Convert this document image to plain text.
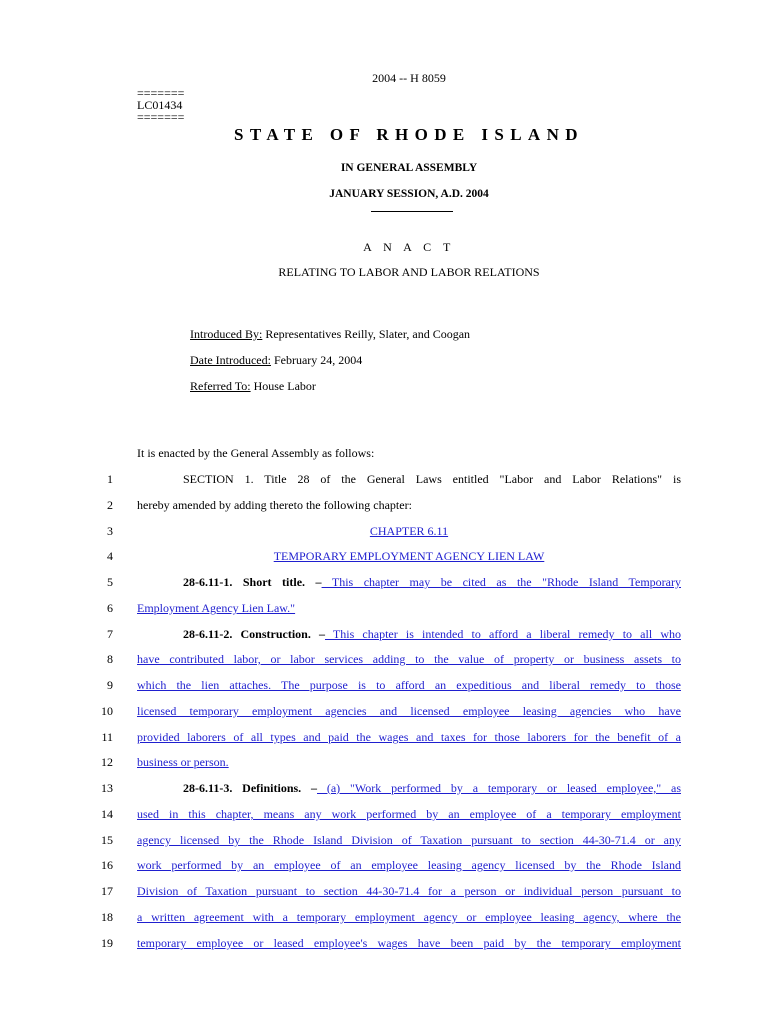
2004 -- H 8059
=======
LC01434
=======
STATE OF RHODE ISLAND
IN GENERAL ASSEMBLY
JANUARY SESSION, A.D. 2004
A N A C T
RELATING TO LABOR AND LABOR RELATIONS
Introduced By: Representatives Reilly, Slater, and Coogan
Date Introduced: February 24, 2004
Referred To: House Labor
It is enacted by the General Assembly as follows:
1	SECTION 1. Title 28 of the General Laws entitled "Labor and Labor Relations" is
2 hereby amended by adding thereto the following chapter:
3	CHAPTER 6.11
4	TEMPORARY EMPLOYMENT AGENCY LIEN LAW
5	28-6.11-1. Short title. – This chapter may be cited as the "Rhode Island Temporary
6 Employment Agency Lien Law."
7	28-6.11-2. Construction. – This chapter is intended to afford a liberal remedy to all who
8 have contributed labor, or labor services adding to the value of property or business assets to
9 which the lien attaches. The purpose is to afford an expeditious and liberal remedy to those
10 licensed temporary employment agencies and licensed employee leasing agencies who have
11 provided laborers of all types and paid the wages and taxes for those laborers for the benefit of a
12 business or person.
13	28-6.11-3. Definitions. – (a) "Work performed by a temporary or leased employee," as
14 used in this chapter, means any work performed by an employee of a temporary employment
15 agency licensed by the Rhode Island Division of Taxation pursuant to section 44-30-71.4 or any
16 work performed by an employee of an employee leasing agency licensed by the Rhode Island
17 Division of Taxation pursuant to section 44-30-71.4 for a person or individual person pursuant to
18 a written agreement with a temporary employment agency or employee leasing agency, where the
19 temporary employee or leased employee's wages have been paid by the temporary employment
